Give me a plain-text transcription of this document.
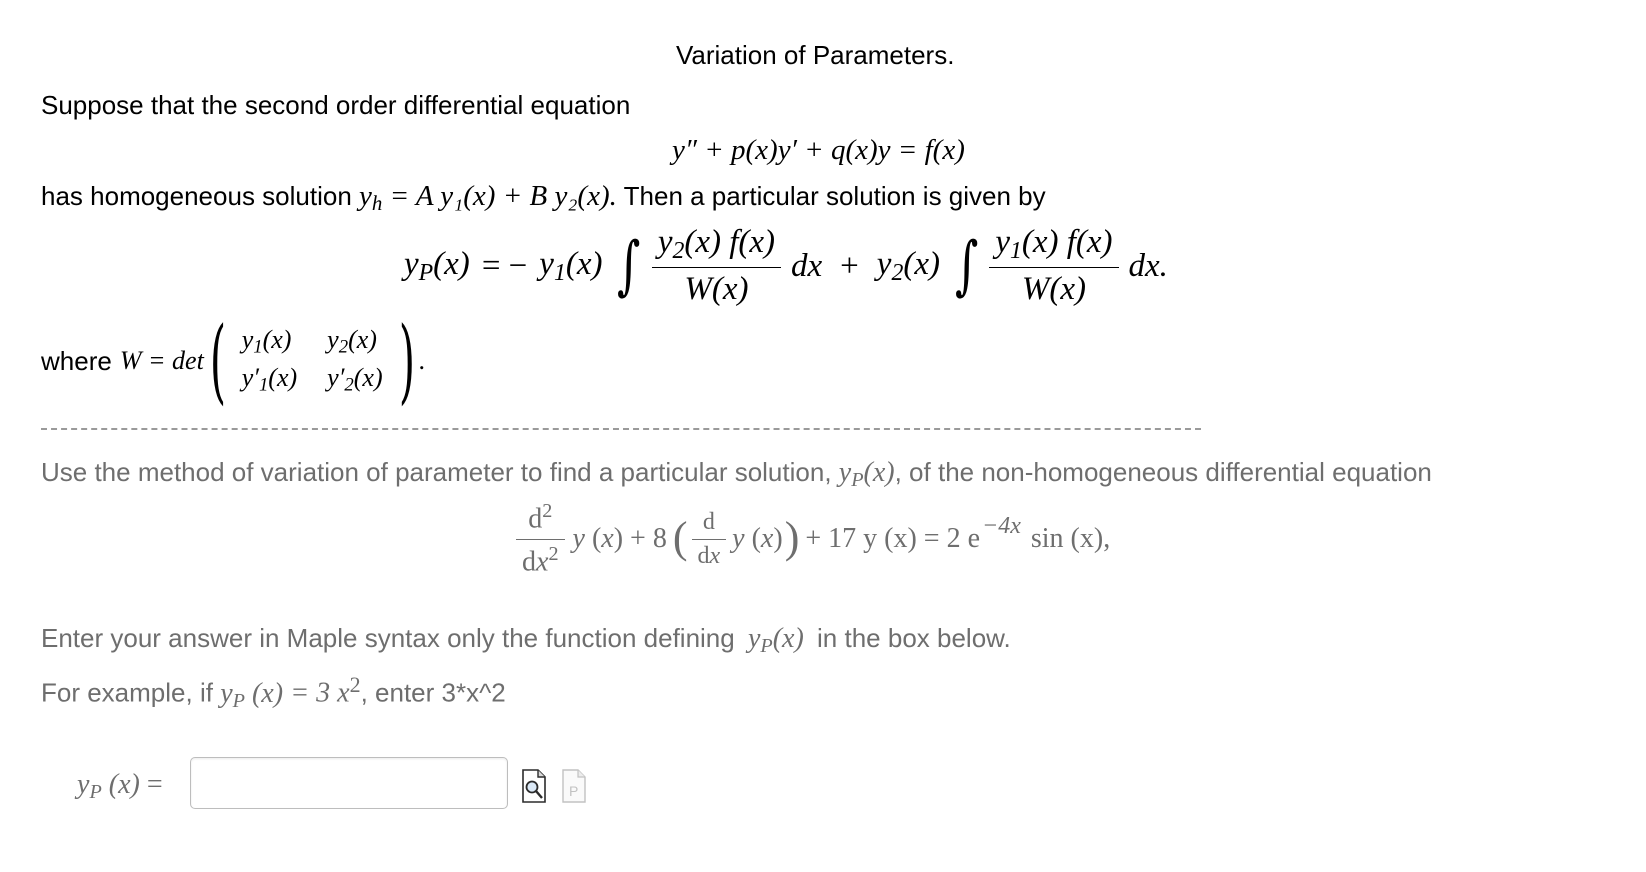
Variation of Parameters.
Suppose that the second order differential equation
y″ + p(x)y′ + q(x)y = f(x)
has homogeneous solution $y_h = A$ y₁(x) + B y₂(x). Then a particular solution is given by
$y_P(x)$ = − $y_1(x)$ ∫ $\frac{y_2(x) f(x)}{W(x)}$ dx + $y_2(x)$ ∫ $\frac{y_1(x) f(x)}{W(x)}$ dx.
where W = det ( $y_1(x)$	$y_2(x)$
$y'_1(x)$	$y'_2(x)$ ) .
Use the method of variation of parameter to find a particular solution, $y_P(x)$, of the non-homogeneous differential equation
$\frac{d^2}{dx^2}$ y (x) + 8 ( $\frac{d}{dx}$ y (x) ) + 17 y (x) = 2 e −4x sin (x),
Enter your answer in Maple syntax only the function defining $y_P(x)$ in the box below.
For example, if $y_P$ (x) = 3 $x^2$, enter 3*x^2
$y_P$ (x) =	P
